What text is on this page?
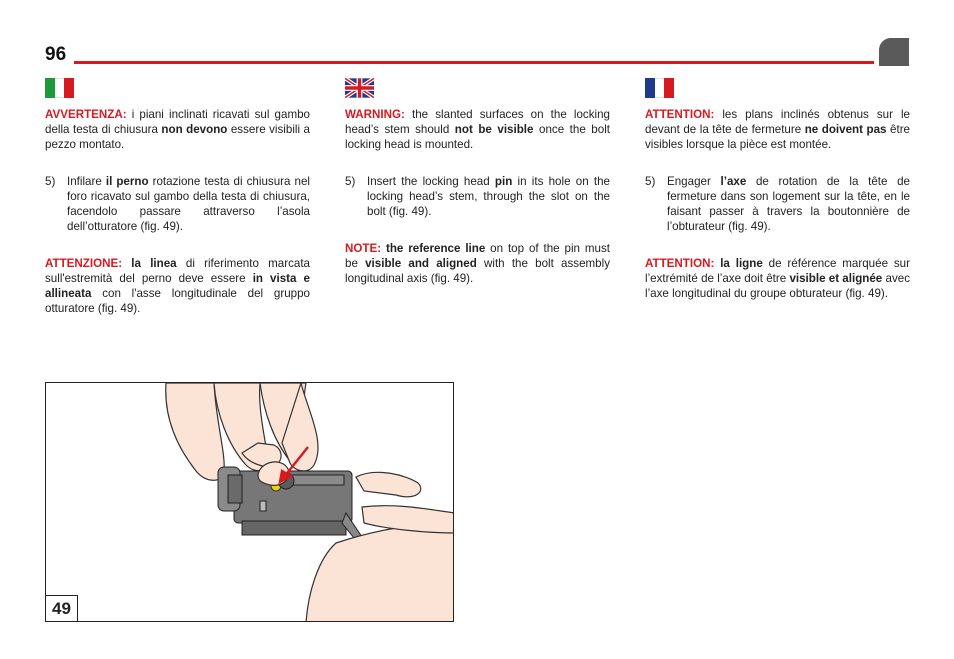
96

AVVERTENZA: i piani inclinati ricavati sul gambo della testa di chiusura non devono essere visibili a pezzo montato.

5)	Infilare il perno rotazione testa di chiusura nel foro ricavato sul gambo della testa di chiusura, facendolo passare attraverso l’asola dell’otturatore (fig. 49).

ATTENZIONE: la linea di riferimento marcata sull'estremità del perno deve essere in vista e allineata con l'asse longitudinale del gruppo otturatore (fig. 49).

WARNING: the slanted surfaces on the locking head’s stem should not be visible once the bolt locking head is mounted.

5)	Insert the locking head pin in its hole on the locking head’s stem, through the slot on the bolt (fig. 49).

NOTE: the reference line on top of the pin must be visible and aligned with the bolt assembly longitudinal axis (fig. 49).

ATTENTION: les plans inclinés obtenus sur le devant de la tête de fermeture ne doivent pas être visibles lorsque la pièce est montée.

5)	Engager l’axe de rotation de la tête de fermeture dans son logement sur la tête, en le faisant passer à travers la boutonnière de l’obturateur (fig. 49).

ATTENTION: la ligne de référence marquée sur l’extrémité de l’axe doit être visible et alignée avec l’axe longitudinal du groupe obturateur (fig. 49).

49
